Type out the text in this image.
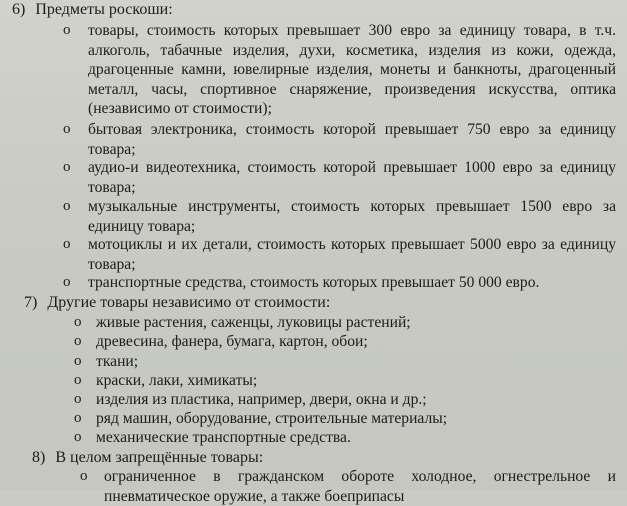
6) Предметы роскоши:
o товары, стоимость которых превышает 300 евро за единицу товара, в т.ч. алкоголь, табачные изделия, духи, косметика, изделия из кожи, одежда, драгоценные камни, ювелирные изделия, монеты и банкноты, драгоценный металл, часы, спортивное снаряжение, произведения искусства, оптика (независимо от стоимости);
o бытовая электроника, стоимость которой превышает 750 евро за единицу товара;
o аудио-и видеотехника, стоимость которой превышает 1000 евро за единицу товара;
o музыкальные инструменты, стоимость которых превышает 1500 евро за единицу товара;
o мотоциклы и их детали, стоимость которых превышает 5000 евро за единицу товара;
o транспортные средства, стоимость которых превышает 50 000 евро.
7) Другие товары независимо от стоимости:
o живые растения, саженцы, луковицы растений;
o древесина, фанера, бумага, картон, обои;
o ткани;
o краски, лаки, химикаты;
o изделия из пластика, например, двери, окна и др.;
o ряд машин, оборудование, строительные материалы;
o механические транспортные средства.
8) В целом запрещённые товары:
o ограниченное в гражданском обороте холодное, огнестрельное и пневматическое оружие, а также боеприпасы
